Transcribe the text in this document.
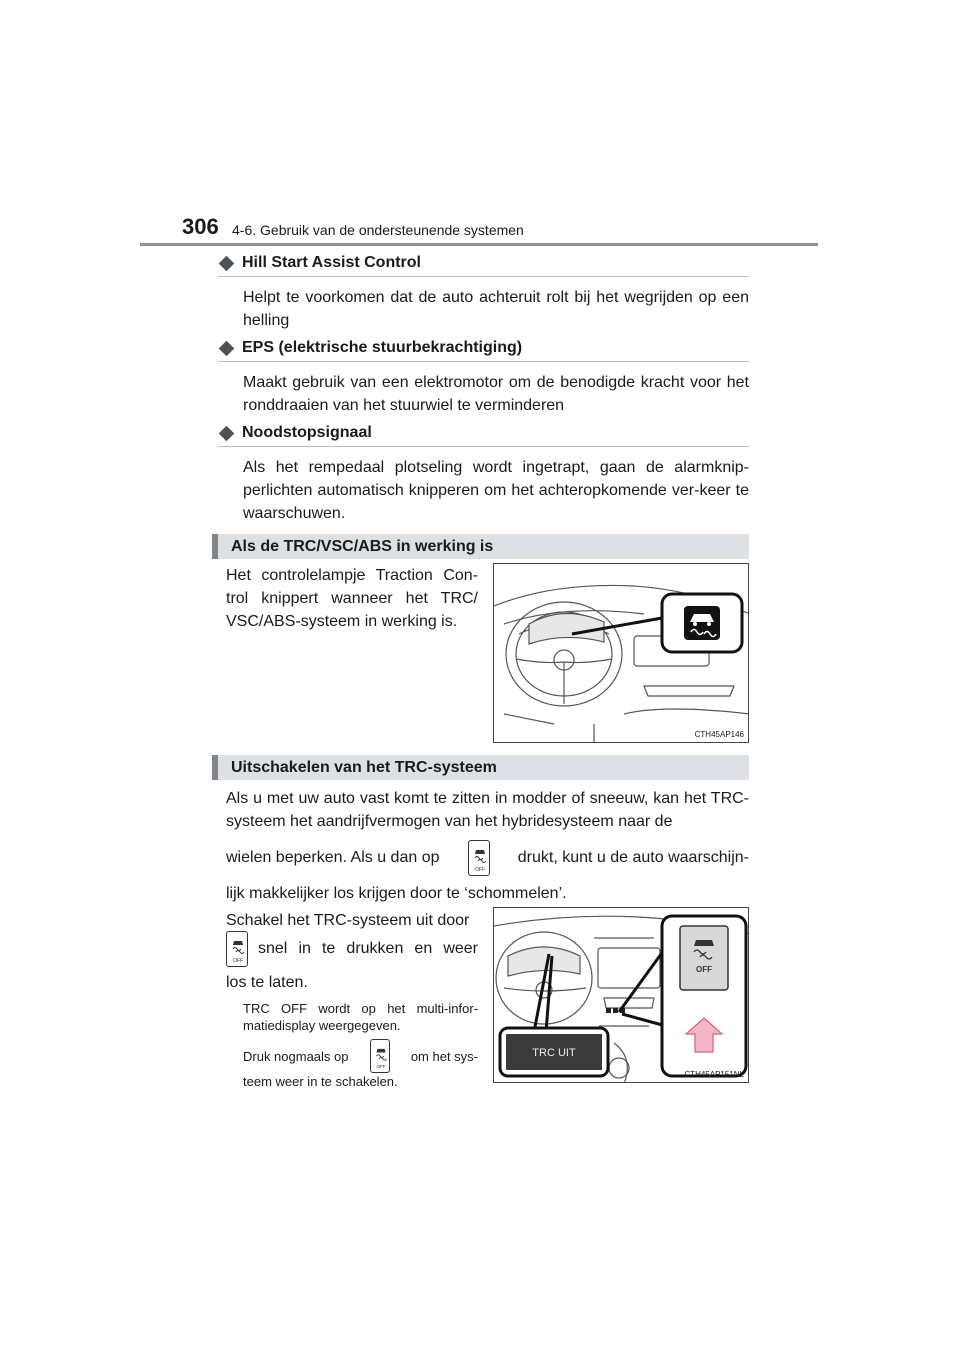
306 4-6. Gebruik van de ondersteunende systemen
Hill Start Assist Control
Helpt te voorkomen dat de auto achteruit rolt bij het wegrijden op een helling
EPS (elektrische stuurbekrachtiging)
Maakt gebruik van een elektromotor om de benodigde kracht voor het ronddraaien van het stuurwiel te verminderen
Noodstopsignaal
Als het rempedaal plotseling wordt ingetrapt, gaan de alarmknip-perlichten automatisch knipperen om het achteropkomende ver-keer te waarschuwen.
Als de TRC/VSC/ABS in werking is
Het controlelampje Traction Con-trol knippert wanneer het TRC/ VSC/ABS-systeem in werking is.
CTH45AP146
Uitschakelen van het TRC-systeem
Als u met uw auto vast komt te zitten in modder of sneeuw, kan het TRC-systeem het aandrijfvermogen van het hybridesysteem naar de
wielen beperken. Als u dan op
OFF
drukt, kunt u de auto waarschijn-
lijk makkelijker los krijgen door te ‘schommelen’.
Schakel het TRC-systeem uit door
OFF
snel in te drukken en weer
los te laten.
TRC OFF wordt op het multi-infor-matiedisplay weergegeven.
Druk nogmaals op
OFF
om het sys-
teem weer in te schakelen.
OFF
TRC UIT
CTH45AP151NL
